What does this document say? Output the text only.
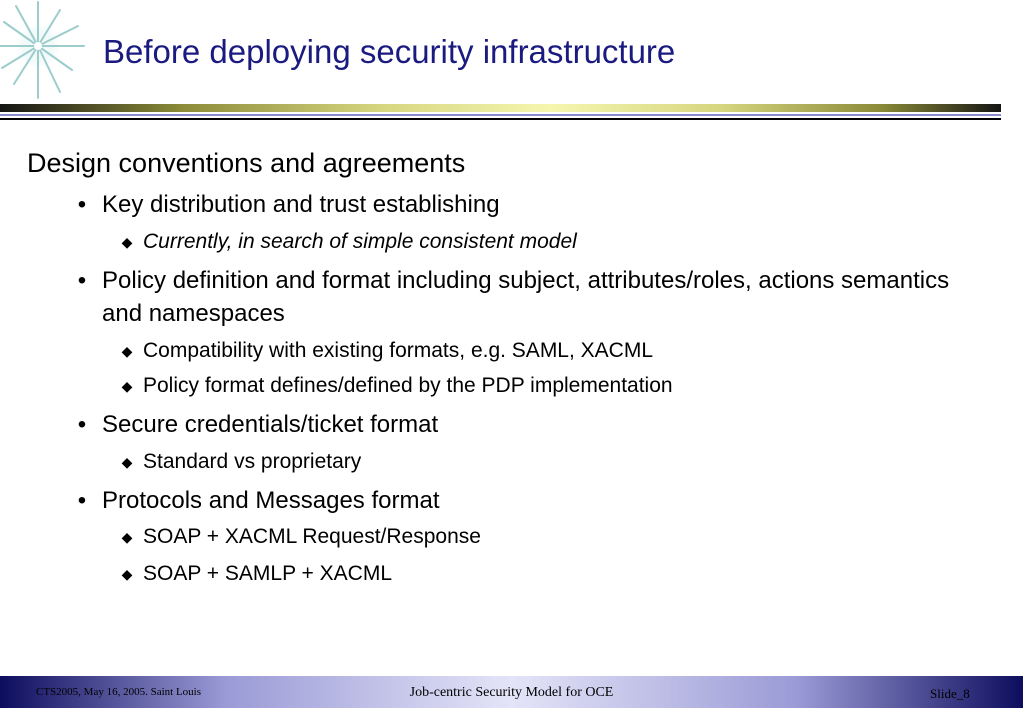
Before deploying security infrastructure
Design conventions and agreements
• Key distribution and trust establishing
◆ Currently, in search of simple consistent model
• Policy definition and format including subject, attributes/roles, actions semantics and namespaces
◆ Compatibility with existing formats, e.g. SAML, XACML
◆ Policy format defines/defined by the PDP implementation
• Secure credentials/ticket format
◆ Standard vs proprietary
• Protocols and Messages format
◆ SOAP + XACML Request/Response
◆ SOAP + SAMLP + XACML
CTS2005, May 16, 2005. Saint Louis	Job-centric Security Model for OCE	Slide_8
